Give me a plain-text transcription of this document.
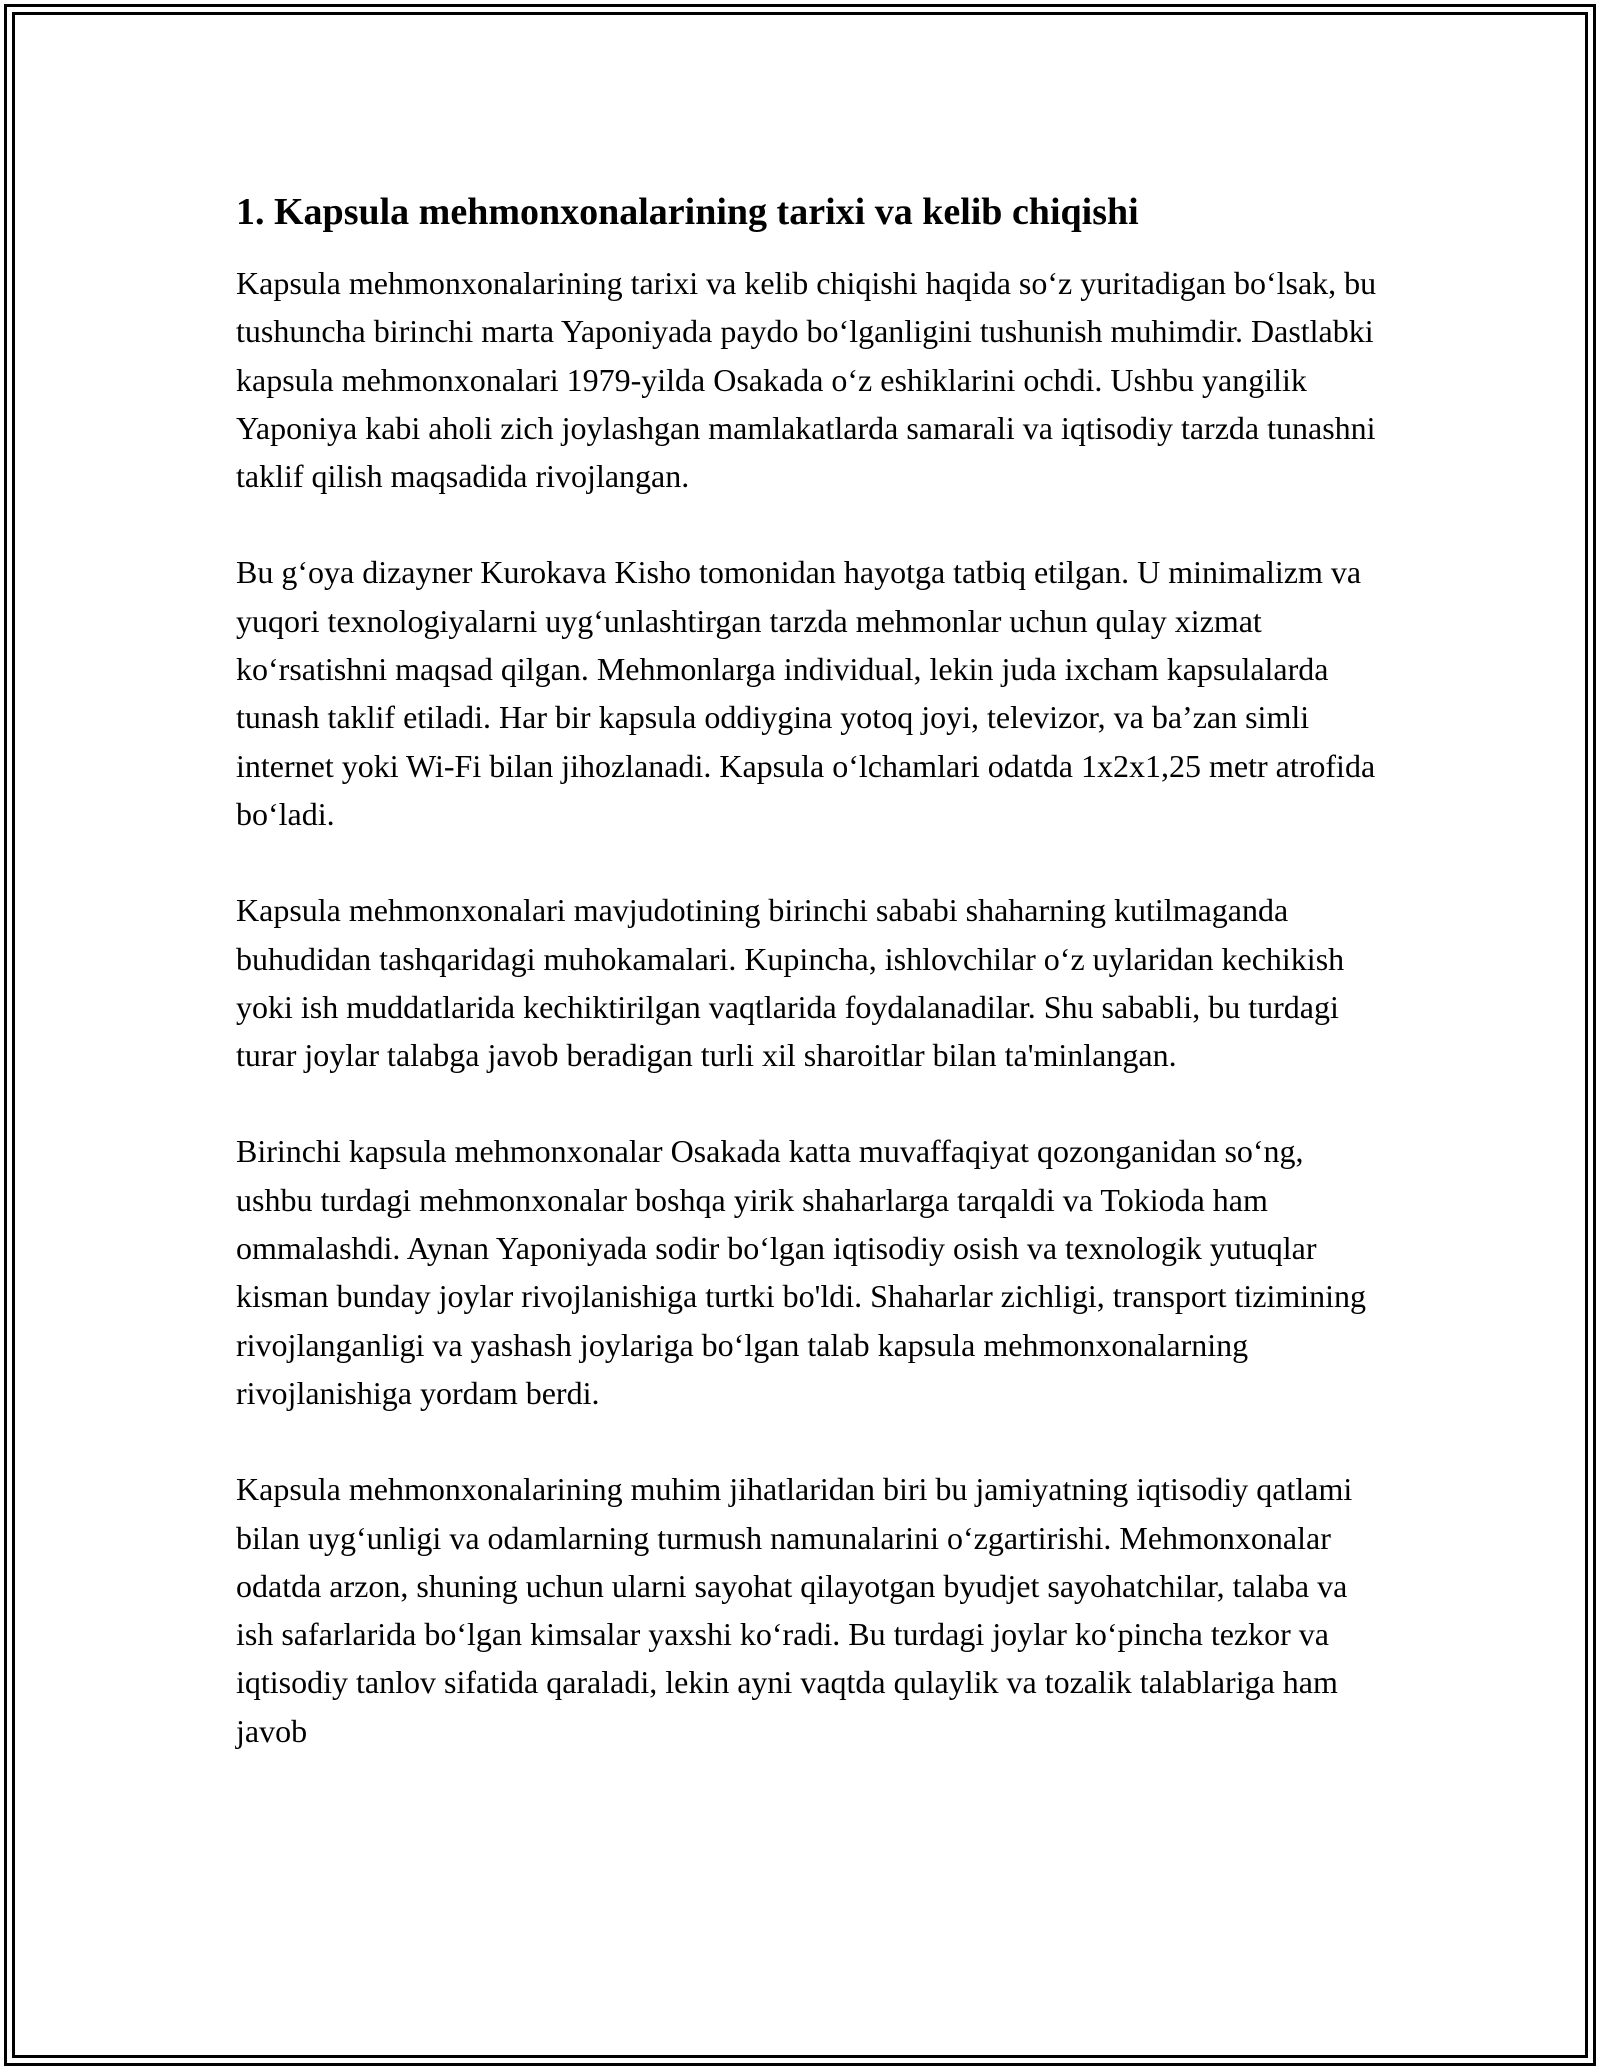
1. Kapsula mehmonxonalarining tarixi va kelib chiqishi

Kapsula mehmonxonalarining tarixi va kelib chiqishi haqida so‘z yuritadigan bo‘lsak, bu tushuncha birinchi marta Yaponiyada paydo bo‘lganligini tushunish muhimdir. Dastlabki kapsula mehmonxonalari 1979-yilda Osakada o‘z eshiklarini ochdi. Ushbu yangilik Yaponiya kabi aholi zich joylashgan mamlakatlarda samarali va iqtisodiy tarzda tunashni taklif qilish maqsadida rivojlangan.

Bu g‘oya dizayner Kurokava Kisho tomonidan hayotga tatbiq etilgan. U minimalizm va yuqori texnologiyalarni uyg‘unlashtirgan tarzda mehmonlar uchun qulay xizmat ko‘rsatishni maqsad qilgan. Mehmonlarga individual, lekin juda ixcham kapsulalarda tunash taklif etiladi. Har bir kapsula oddiygina yotoq joyi, televizor, va ba’zan simli internet yoki Wi-Fi bilan jihozlanadi. Kapsula o‘lchamlari odatda 1x2x1,25 metr atrofida bo‘ladi.

Kapsula mehmonxonalari mavjudotining birinchi sababi shaharning kutilmaganda buhudidan tashqaridagi muhokamalari. Kupincha, ishlovchilar o‘z uylaridan kechikish yoki ish muddatlarida kechiktirilgan vaqtlarida foydalanadilar. Shu sababli, bu turdagi turar joylar talabga javob beradigan turli xil sharoitlar bilan ta'minlangan.

Birinchi kapsula mehmonxonalar Osakada katta muvaffaqiyat qozonganidan so‘ng, ushbu turdagi mehmonxonalar boshqa yirik shaharlarga tarqaldi va Tokioda ham ommalashdi. Aynan Yaponiyada sodir bo‘lgan iqtisodiy osish va texnologik yutuqlar kisman bunday joylar rivojlanishiga turtki bo'ldi. Shaharlar zichligi, transport tizimining rivojlanganligi va yashash joylariga bo‘lgan talab kapsula mehmonxonalarning rivojlanishiga yordam berdi.

Kapsula mehmonxonalarining muhim jihatlaridan biri bu jamiyatning iqtisodiy qatlami bilan uyg‘unligi va odamlarning turmush namunalarini o‘zgartirishi. Mehmonxonalar odatda arzon, shuning uchun ularni sayohat qilayotgan byudjet sayohatchilar, talaba va ish safarlarida bo‘lgan kimsalar yaxshi ko‘radi. Bu turdagi joylar ko‘pincha tezkor va iqtisodiy tanlov sifatida qaraladi, lekin ayni vaqtda qulaylik va tozalik talablariga ham javob
